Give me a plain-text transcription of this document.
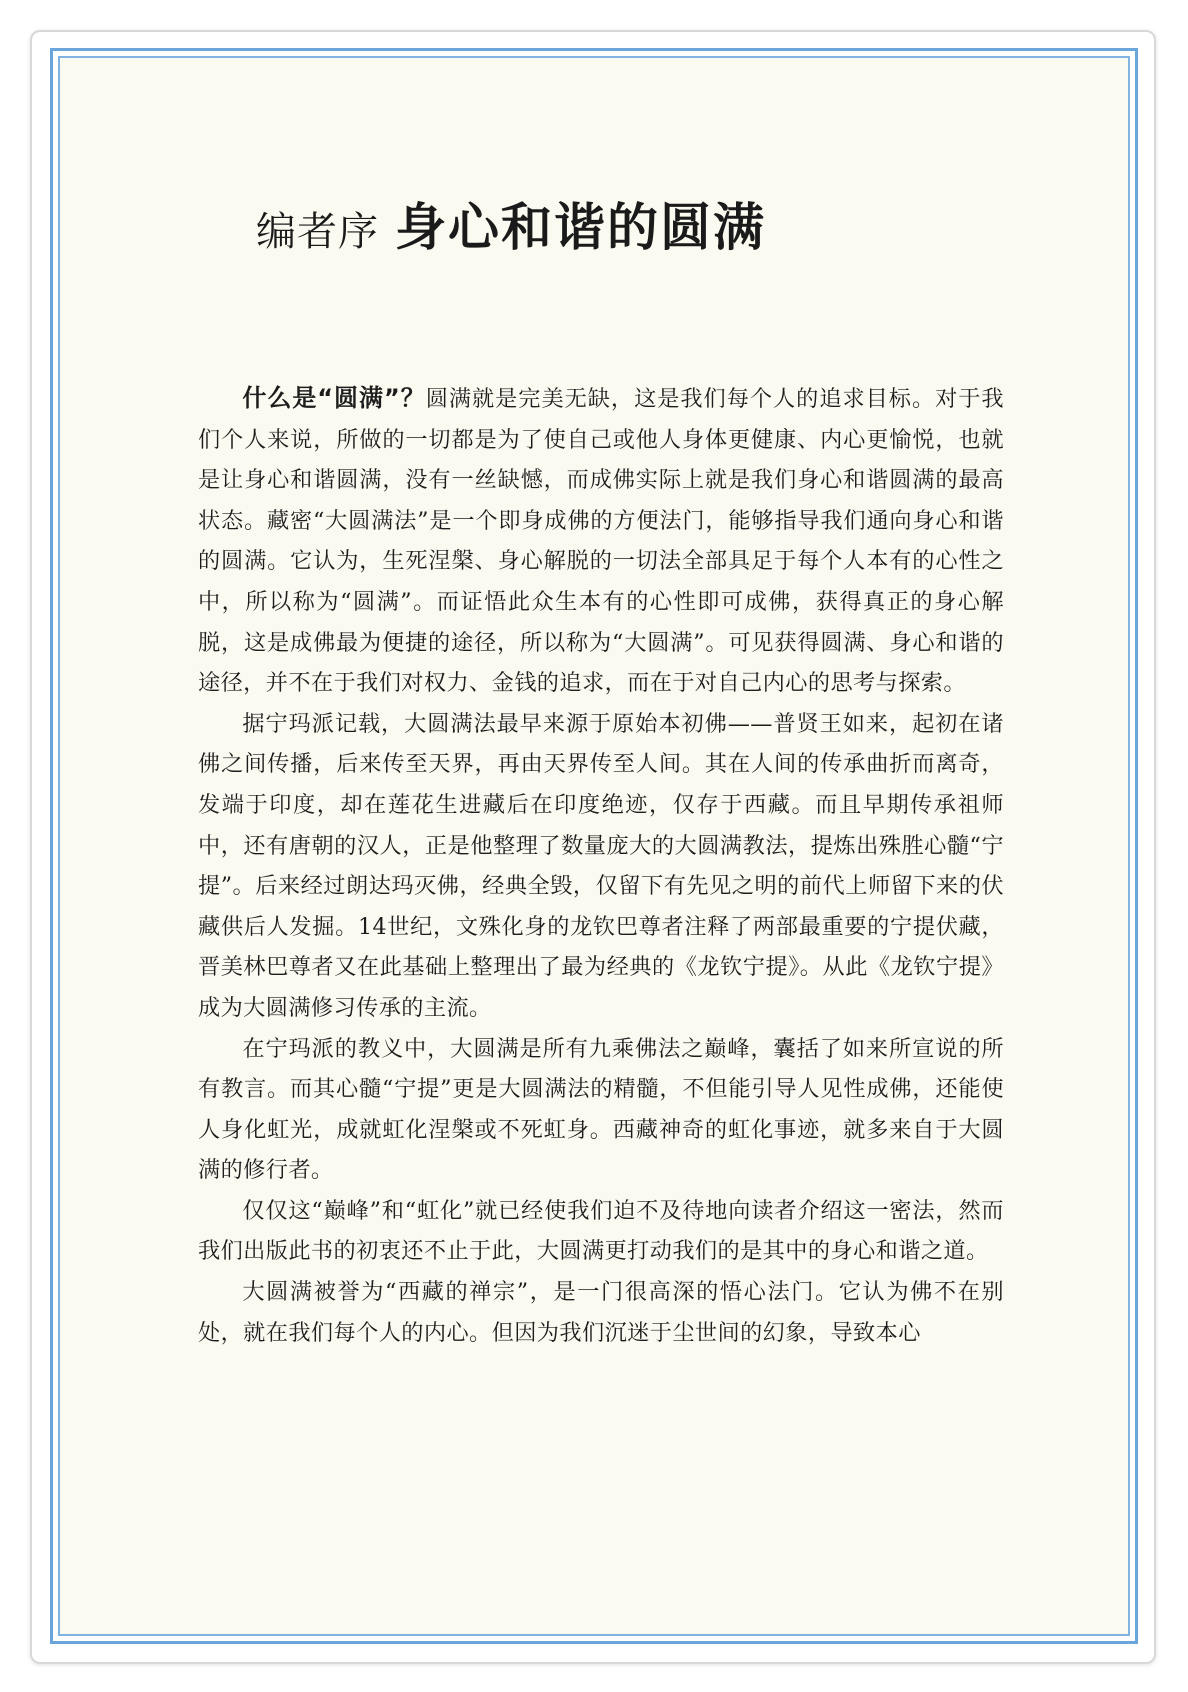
编者序 身心和谐的圆满

什么是“圆满”？圆满就是完美无缺，这是我们每个人的追求目标。对于我们个人来说，所做的一切都是为了使自己或他人身体更健康、内心更愉悦，也就是让身心和谐圆满，没有一丝缺憾，而成佛实际上就是我们身心和谐圆满的最高状态。藏密“大圆满法”是一个即身成佛的方便法门，能够指导我们通向身心和谐的圆满。它认为，生死涅槃、身心解脱的一切法全部具足于每个人本有的心性之中，所以称为“圆满”。而证悟此众生本有的心性即可成佛，获得真正的身心解脱，这是成佛最为便捷的途径，所以称为“大圆满”。可见获得圆满、身心和谐的途径，并不在于我们对权力、金钱的追求，而在于对自己内心的思考与探索。

据宁玛派记载，大圆满法最早来源于原始本初佛——普贤王如来，起初在诸佛之间传播，后来传至天界，再由天界传至人间。其在人间的传承曲折而离奇，发端于印度，却在莲花生进藏后在印度绝迹，仅存于西藏。而且早期传承祖师中，还有唐朝的汉人，正是他整理了数量庞大的大圆满教法，提炼出殊胜心髓“宁提”。后来经过朗达玛灭佛，经典全毁，仅留下有先见之明的前代上师留下来的伏藏供后人发掘。14世纪，文殊化身的龙钦巴尊者注释了两部最重要的宁提伏藏，晋美林巴尊者又在此基础上整理出了最为经典的《龙钦宁提》。从此《龙钦宁提》成为大圆满修习传承的主流。

在宁玛派的教义中，大圆满是所有九乘佛法之巅峰，囊括了如来所宣说的所有教言。而其心髓“宁提”更是大圆满法的精髓，不但能引导人见性成佛，还能使人身化虹光，成就虹化涅槃或不死虹身。西藏神奇的虹化事迹，就多来自于大圆满的修行者。

仅仅这“巅峰”和“虹化”就已经使我们迫不及待地向读者介绍这一密法，然而我们出版此书的初衷还不止于此，大圆满更打动我们的是其中的身心和谐之道。

大圆满被誉为“西藏的禅宗”，是一门很高深的悟心法门。它认为佛不在别处，就在我们每个人的内心。但因为我们沉迷于尘世间的幻象，导致本心
